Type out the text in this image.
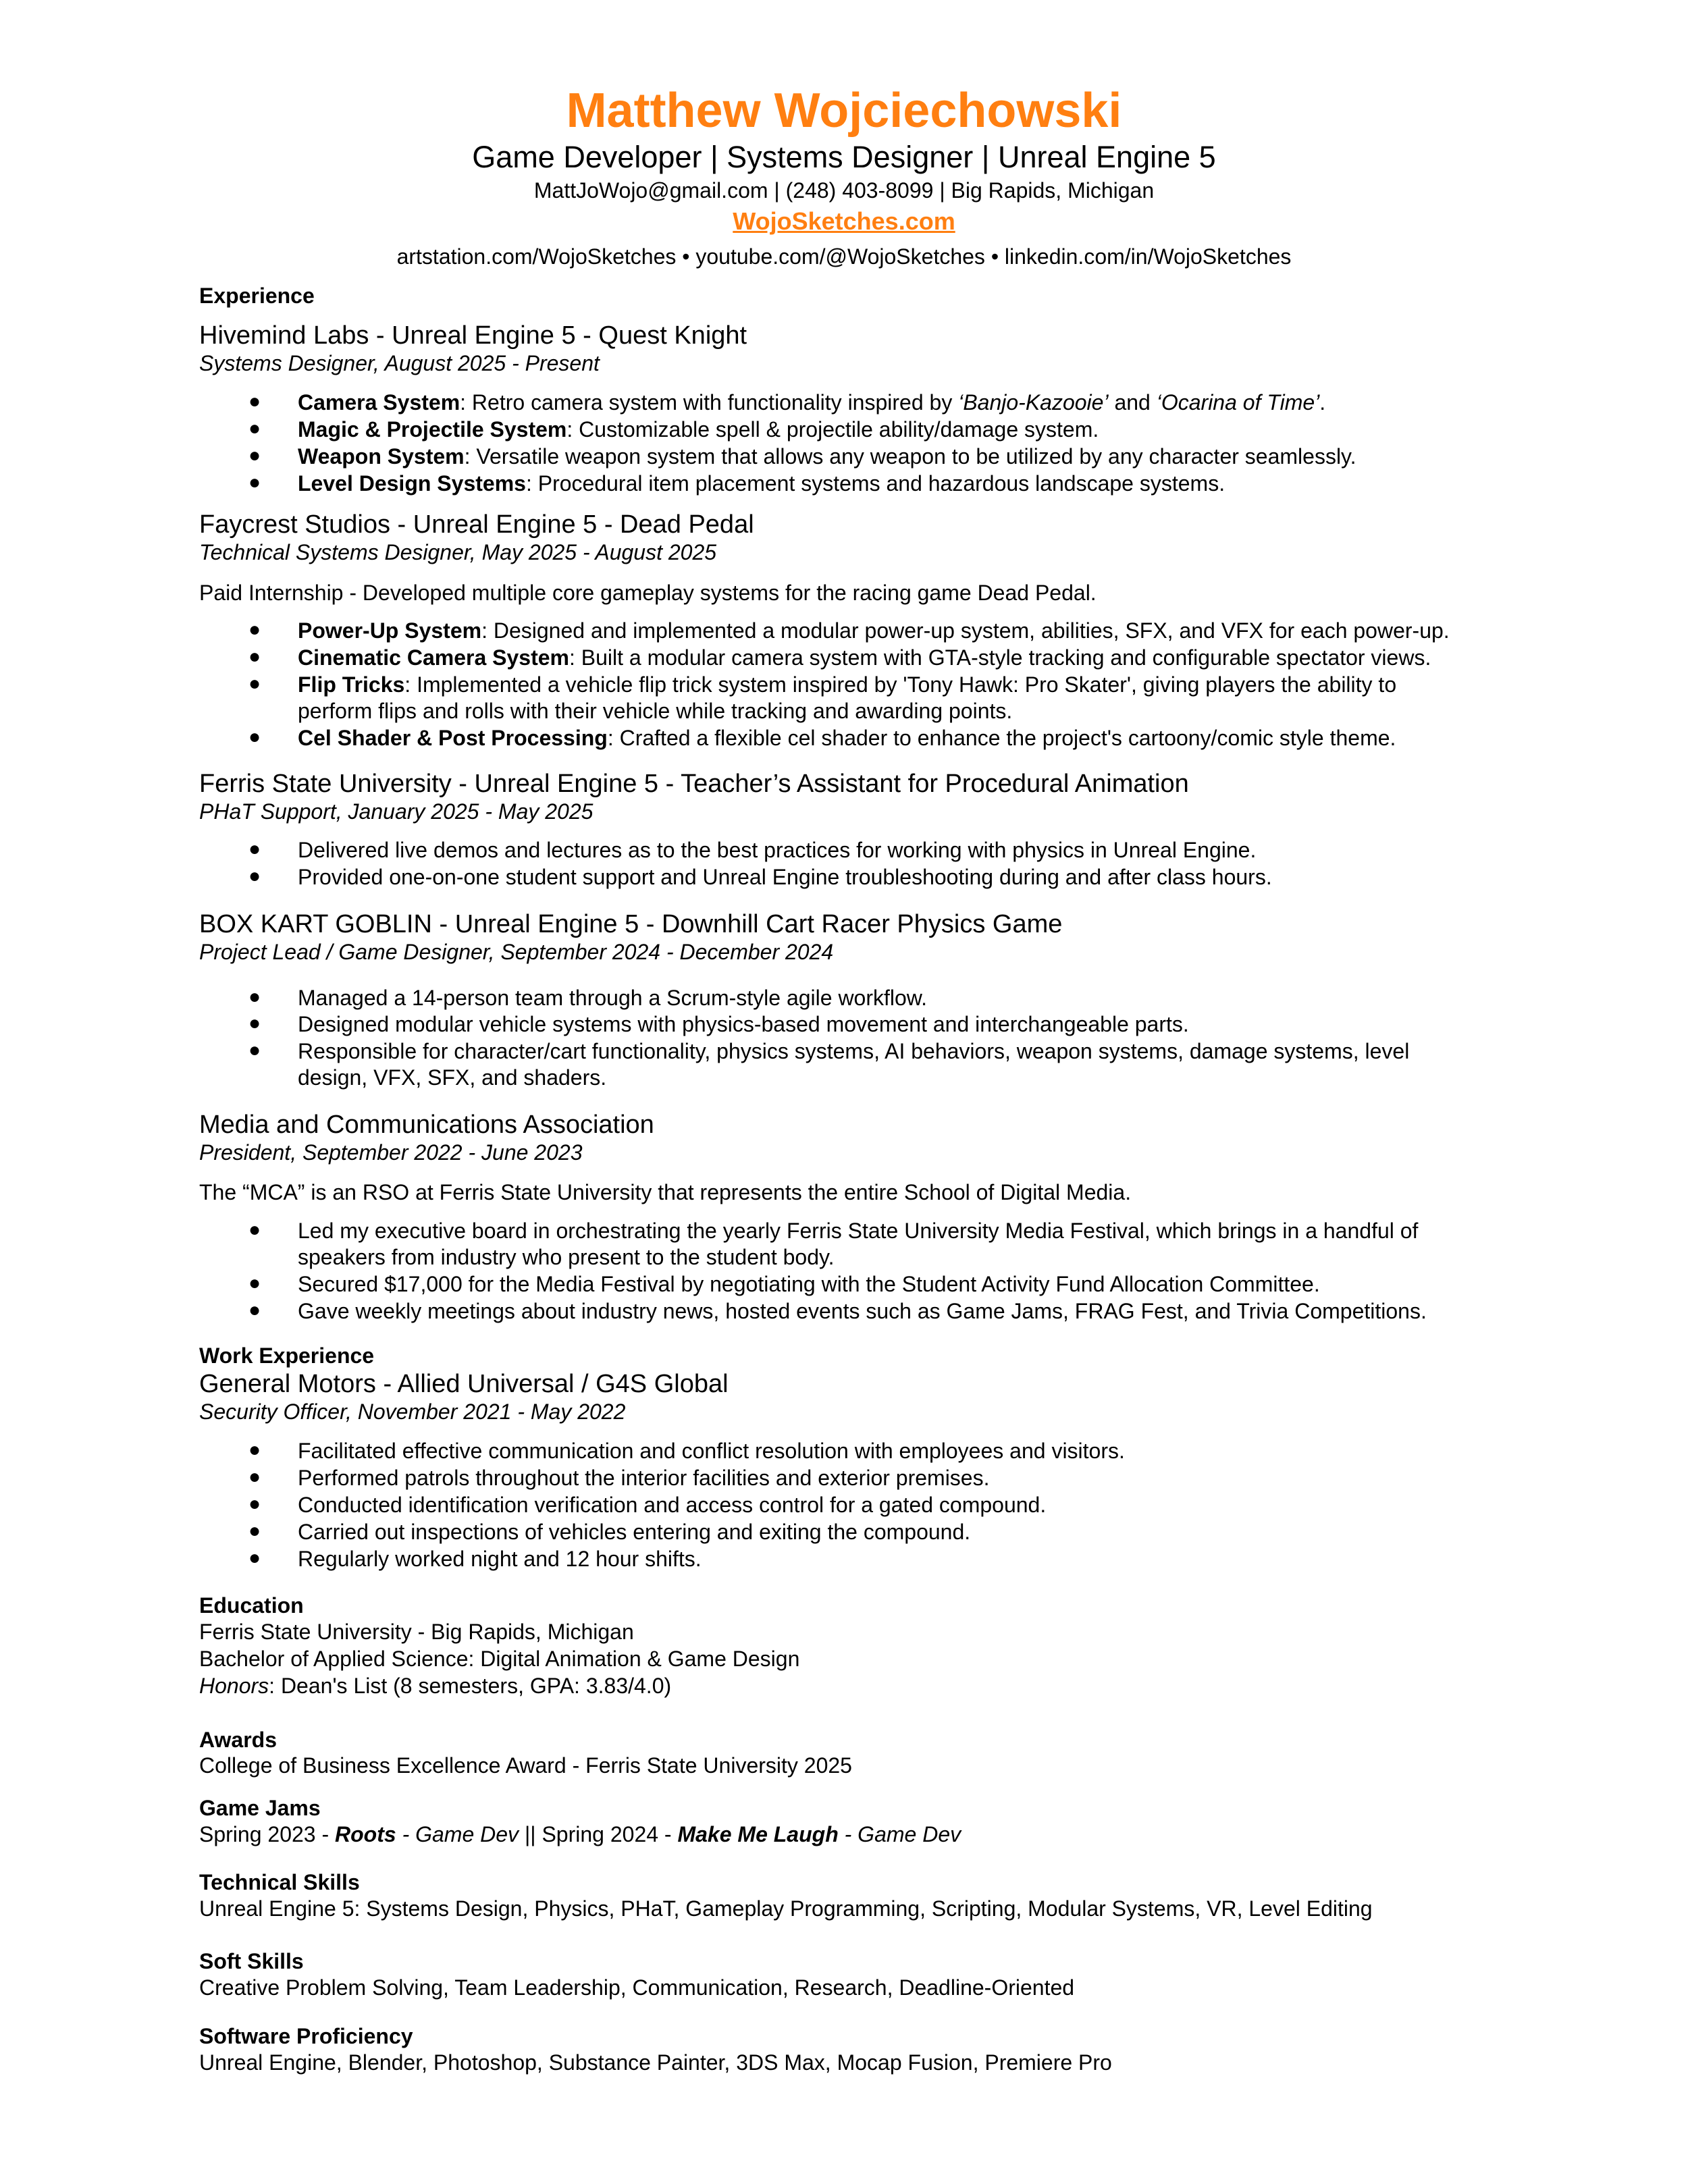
Matthew Wojciechowski
Game Developer | Systems Designer | Unreal Engine 5
MattJoWojo@gmail.com | (248) 403-8099 | Big Rapids, Michigan
WojoSketches.com
artstation.com/WojoSketches • youtube.com/@WojoSketches • linkedin.com/in/WojoSketches
Experience
Hivemind Labs - Unreal Engine 5 - Quest Knight
Systems Designer, August 2025 - Present
● Camera System: Retro camera system with functionality inspired by ‘Banjo-Kazooie’ and ‘Ocarina of Time’.
● Magic & Projectile System: Customizable spell & projectile ability/damage system.
● Weapon System: Versatile weapon system that allows any weapon to be utilized by any character seamlessly.
● Level Design Systems: Procedural item placement systems and hazardous landscape systems.
Faycrest Studios - Unreal Engine 5 - Dead Pedal
Technical Systems Designer, May 2025 - August 2025
Paid Internship - Developed multiple core gameplay systems for the racing game Dead Pedal.
● Power-Up System: Designed and implemented a modular power-up system, abilities, SFX, and VFX for each power-up.
● Cinematic Camera System: Built a modular camera system with GTA-style tracking and configurable spectator views.
● Flip Tricks: Implemented a vehicle flip trick system inspired by 'Tony Hawk: Pro Skater', giving players the ability to
perform flips and rolls with their vehicle while tracking and awarding points.
● Cel Shader & Post Processing: Crafted a flexible cel shader to enhance the project's cartoony/comic style theme.
Ferris State University - Unreal Engine 5 - Teacher’s Assistant for Procedural Animation
PHaT Support, January 2025 - May 2025
● Delivered live demos and lectures as to the best practices for working with physics in Unreal Engine.
● Provided one-on-one student support and Unreal Engine troubleshooting during and after class hours.
BOX KART GOBLIN - Unreal Engine 5 - Downhill Cart Racer Physics Game
Project Lead / Game Designer, September 2024 - December 2024
● Managed a 14-person team through a Scrum-style agile workflow.
● Designed modular vehicle systems with physics-based movement and interchangeable parts.
● Responsible for character/cart functionality, physics systems, AI behaviors, weapon systems, damage systems, level
design, VFX, SFX, and shaders.
Media and Communications Association
President, September 2022 - June 2023
The “MCA” is an RSO at Ferris State University that represents the entire School of Digital Media.
● Led my executive board in orchestrating the yearly Ferris State University Media Festival, which brings in a handful of
speakers from industry who present to the student body.
● Secured $17,000 for the Media Festival by negotiating with the Student Activity Fund Allocation Committee.
● Gave weekly meetings about industry news, hosted events such as Game Jams, FRAG Fest, and Trivia Competitions.
Work Experience
General Motors - Allied Universal / G4S Global
Security Officer, November 2021 - May 2022
● Facilitated effective communication and conflict resolution with employees and visitors.
● Performed patrols throughout the interior facilities and exterior premises.
● Conducted identification verification and access control for a gated compound.
● Carried out inspections of vehicles entering and exiting the compound.
● Regularly worked night and 12 hour shifts.
Education
Ferris State University - Big Rapids, Michigan
Bachelor of Applied Science: Digital Animation & Game Design
Honors: Dean's List (8 semesters, GPA: 3.83/4.0)
Awards
College of Business Excellence Award - Ferris State University 2025
Game Jams
Spring 2023 - Roots - Game Dev || Spring 2024 - Make Me Laugh - Game Dev
Technical Skills
Unreal Engine 5: Systems Design, Physics, PHaT, Gameplay Programming, Scripting, Modular Systems, VR, Level Editing
Soft Skills
Creative Problem Solving, Team Leadership, Communication, Research, Deadline-Oriented
Software Proficiency
Unreal Engine, Blender, Photoshop, Substance Painter, 3DS Max, Mocap Fusion, Premiere Pro
